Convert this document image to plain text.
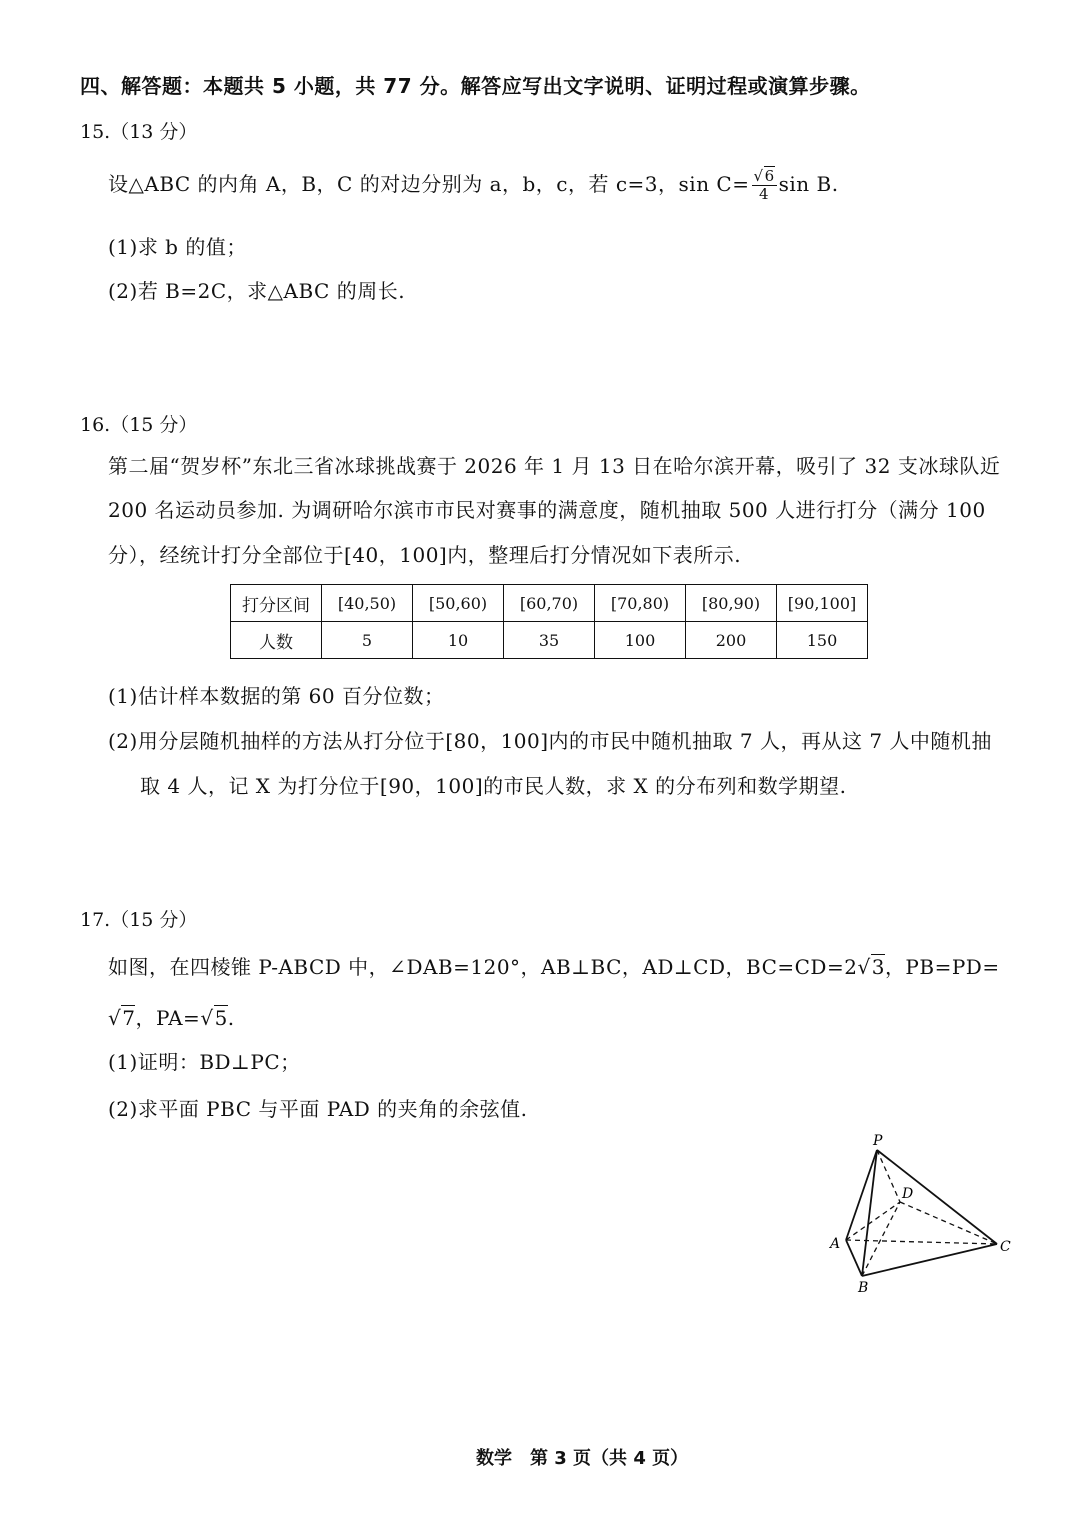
四、解答题：本题共 5 小题，共 77 分。解答应写出文字说明、证明过程或演算步骤。
15.（13 分）
设△ABC 的内角 A，B，C 的对边分别为 a，b，c，若 c=3，$\sin C= \frac{√6}{4}$ sin B.
(1)求 b 的值；
(2)若 B=2C，求△ABC 的周长.
16.（15 分）
第二届“贺岁杯”东北三省冰球挑战赛于 2026 年 1 月 13 日在哈尔滨开幕，吸引了 32 支冰球队近
200 名运动员参加. 为调研哈尔滨市市民对赛事的满意度，随机抽取 500 人进行打分（满分 100
分），经统计打分全部位于[40，100]内，整理后打分情况如下表所示.
打分区间	[40,50)	[50,60)	[60,70)	[70,80)	[80,90)	[90,100]
人数	5	10	35	100	200	150
(1)估计样本数据的第 60 百分位数；
(2)用分层随机抽样的方法从打分位于[80，100]内的市民中随机抽取 7 人，再从这 7 人中随机抽
取 4 人，记 X 为打分位于[90，100]的市民人数，求 X 的分布列和数学期望.
17.（15 分）
如图，在四棱锥 P-ABCD 中，∠DAB=120°，AB⊥BC，AD⊥CD，BC=CD=2√3，PB=PD=
√7，PA=√5.
(1)证明：BD⊥PC；
(2)求平面 PBC 与平面 PAD 的夹角的余弦值.
P
D
A	C
B
数学　第 3 页（共 4 页）
